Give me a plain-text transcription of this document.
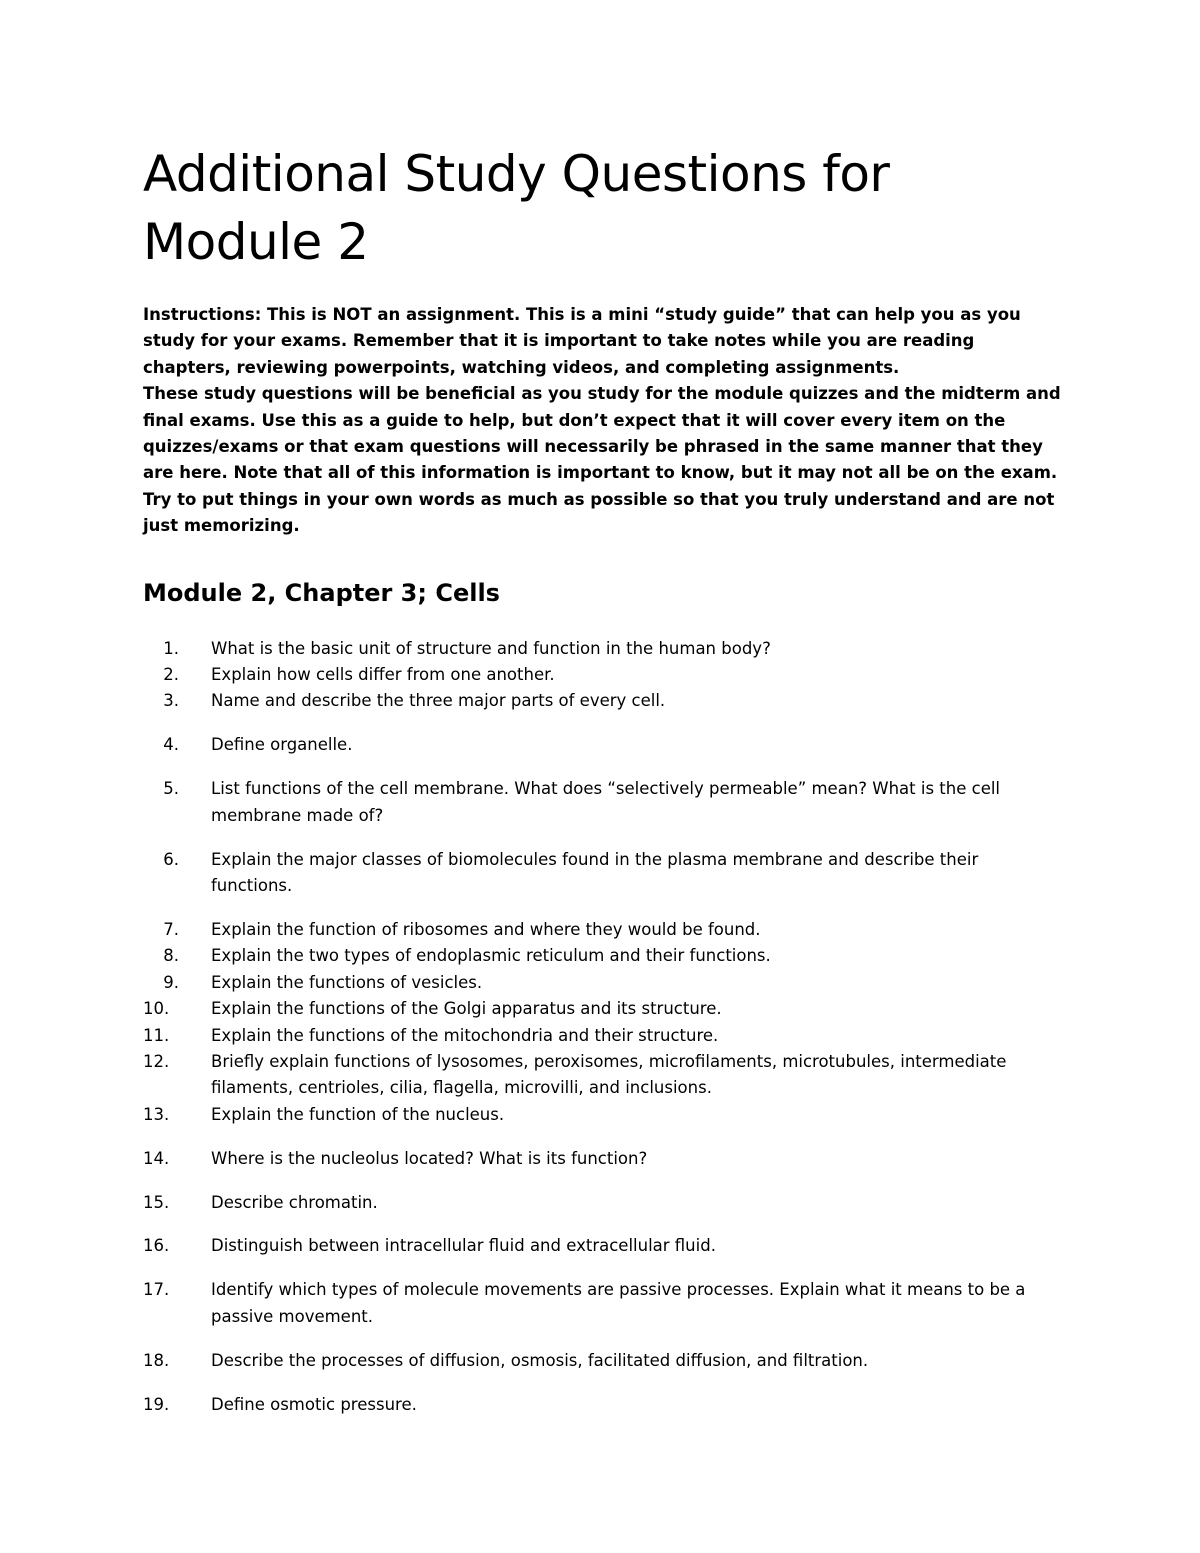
Additional Study Questions for Module 2

Instructions: This is NOT an assignment. This is a mini “study guide” that can help you as you study for your exams. Remember that it is important to take notes while you are reading chapters, reviewing powerpoints, watching videos, and completing assignments.

These study questions will be beneficial as you study for the module quizzes and the midterm and final exams. Use this as a guide to help, but don’t expect that it will cover every item on the quizzes/exams or that exam questions will necessarily be phrased in the same manner that they are here. Note that all of this information is important to know, but it may not all be on the exam. Try to put things in your own words as much as possible so that you truly understand and are not just memorizing.

Module 2, Chapter 3; Cells
1.	What is the basic unit of structure and function in the human body?
2.	Explain how cells differ from one another.
3.	Name and describe the three major parts of every cell.
4.	Define organelle.
5.	List functions of the cell membrane. What does “selectively permeable” mean? What is the cell membrane made of?
6.	Explain the major classes of biomolecules found in the plasma membrane and describe their functions.
7.	Explain the function of ribosomes and where they would be found.
8.	Explain the two types of endoplasmic reticulum and their functions.
9.	Explain the functions of vesicles.
10.	Explain the functions of the Golgi apparatus and its structure.
11.	Explain the functions of the mitochondria and their structure.
12.	Briefly explain functions of lysosomes, peroxisomes, microfilaments, microtubules, intermediate filaments, centrioles, cilia, flagella, microvilli, and inclusions.
13.	Explain the function of the nucleus.
14.	Where is the nucleolus located? What is its function?
15.	Describe chromatin.
16.	Distinguish between intracellular fluid and extracellular fluid.
17.	Identify which types of molecule movements are passive processes. Explain what it means to be a passive movement.
18.	Describe the processes of diffusion, osmosis, facilitated diffusion, and filtration.
19.	Define osmotic pressure.
